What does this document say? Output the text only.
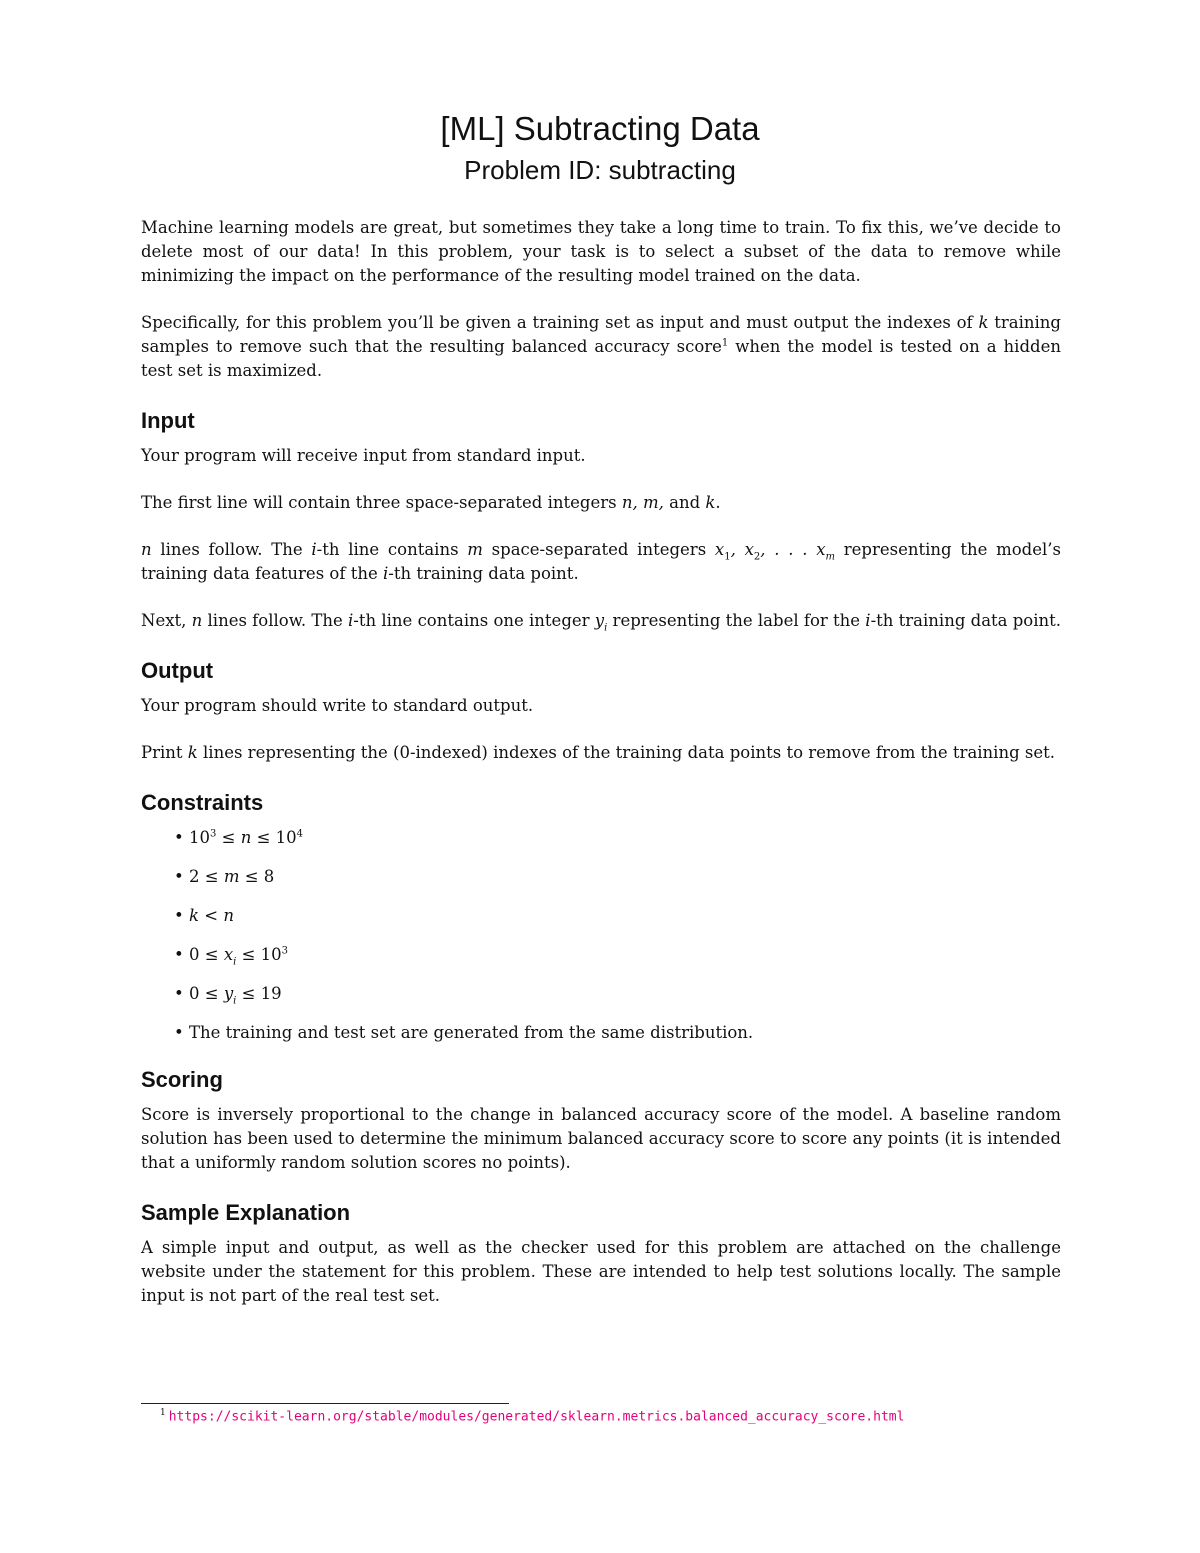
[ML] Subtracting Data
Problem ID: subtracting

Machine learning models are great, but sometimes they take a long time to train. To fix this, we’ve decide to delete most of our data! In this problem, your task is to select a subset of the data to remove while minimizing the impact on the performance of the resulting model trained on the data.

Specifically, for this problem you’ll be given a training set as input and must output the indexes of k training samples to remove such that the resulting balanced accuracy score$^1$ when the model is tested on a hidden test set is maximized.

Input

Your program will receive input from standard input.

The first line will contain three space-separated integers n, m, and k.

n lines follow. The i-th line contains m space-separated integers $x_1$, $x_2$, . . . $x_m$ representing the model’s training data features of the i-th training data point.

Next, n lines follow. The i-th line contains one integer $y_i$ representing the label for the i-th training data point.

Output

Your program should write to standard output.

Print k lines representing the (0-indexed) indexes of the training data points to remove from the training set.

Constraints
• $10^3 \le n \le 10^4$
• 2 ≤ m ≤ 8
• k < n
• $0 \le x_i \le 10^3$
• $0 \le y_i \le 19$
• The training and test set are generated from the same distribution.
Scoring

Score is inversely proportional to the change in balanced accuracy score of the model. A baseline random solution has been used to determine the minimum balanced accuracy score to score any points (it is intended that a uniformly random solution scores no points).

Sample Explanation

A simple input and output, as well as the checker used for this problem are attached on the challenge website under the statement for this problem. These are intended to help test solutions locally. The sample input is not part of the real test set.

$^1$ https://scikit-learn.org/stable/modules/generated/sklearn.metrics.balanced_accuracy_score.html
